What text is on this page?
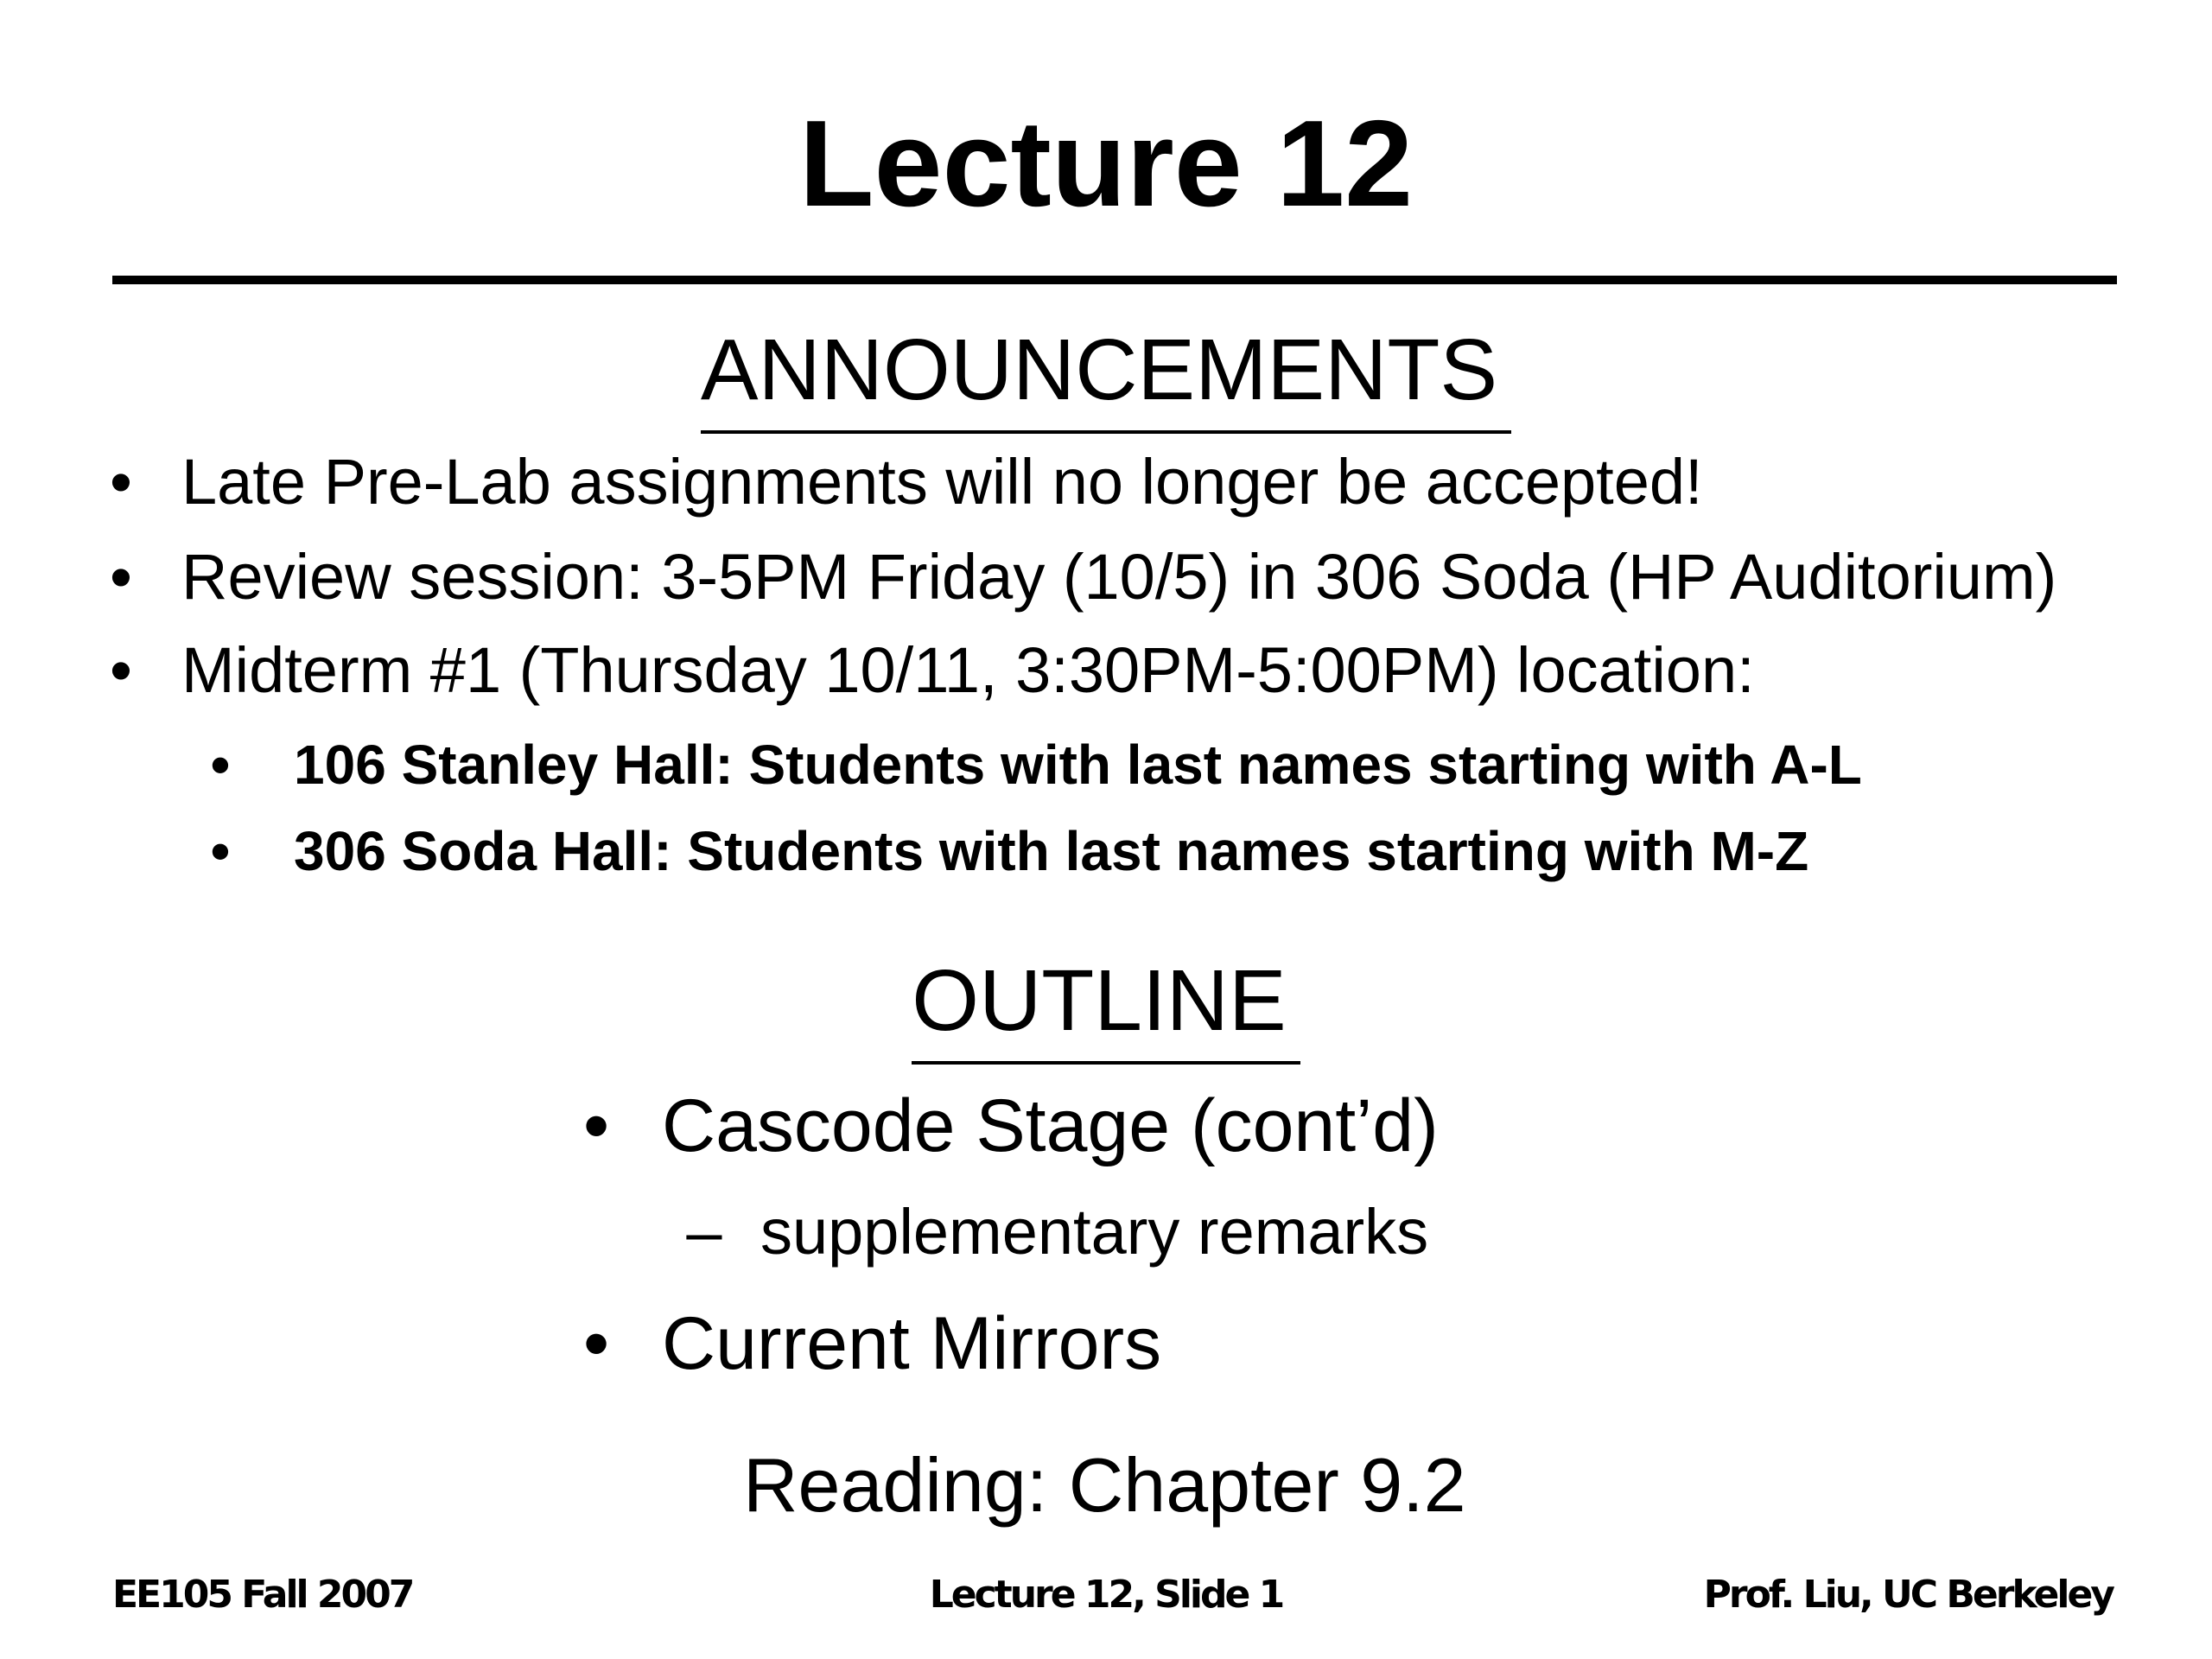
Lecture 12
ANNOUNCEMENTS
• Late Pre-Lab assignments will no longer be accepted!
• Review session: 3-5PM Friday (10/5) in 306 Soda (HP Auditorium)
• Midterm #1 (Thursday 10/11, 3:30PM-5:00PM) location:
• 106 Stanley Hall: Students with last names starting with A-L
• 306 Soda Hall: Students with last names starting with M-Z
OUTLINE
• Cascode Stage (cont’d)
– supplementary remarks
• Current Mirrors
Reading: Chapter 9.2
EE105 Fall 2007	Lecture 12, Slide 1	Prof. Liu, UC Berkeley
